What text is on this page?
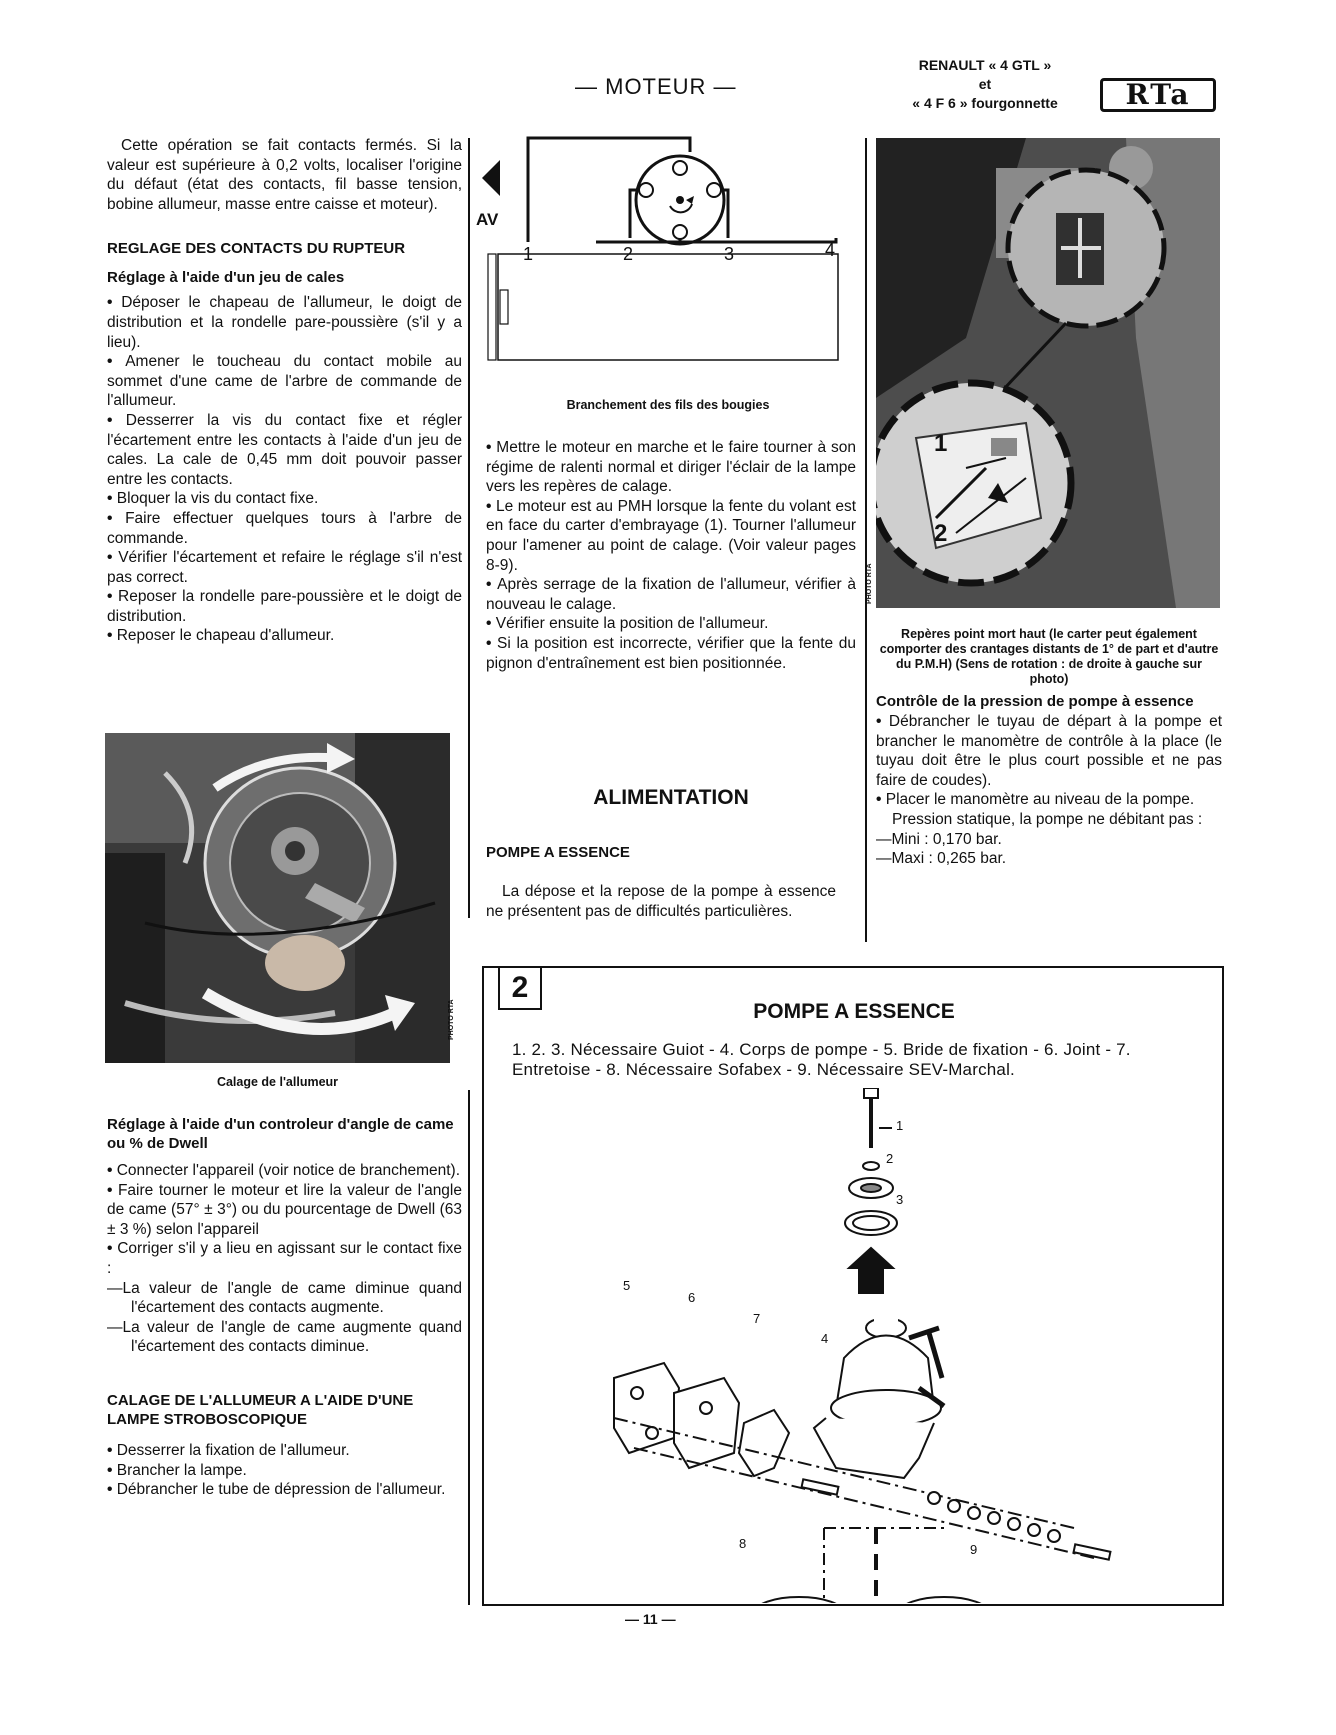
— MOTEUR —
RENAULT « 4 GTL »
et
« 4 F 6 » fourgonnette	RTa

Cette opération se fait contacts fermés. Si la valeur est supérieure à 0,2 volts, localiser l'origine du défaut (état des contacts, fil basse tension, bobine allumeur, masse entre caisse et moteur).

REGLAGE DES CONTACTS DU RUPTEUR

Réglage à l'aide d'un jeu de cales

• Déposer le chapeau de l'allumeur, le doigt de distribution et la rondelle pare-poussière (s'il y a lieu).

• Amener le toucheau du contact mobile au sommet d'une came de l'arbre de commande de l'allumeur.

• Desserrer la vis du contact fixe et régler l'écartement entre les contacts à l'aide d'un jeu de cales. La cale de 0,45 mm doit pouvoir passer entre les contacts.

• Bloquer la vis du contact fixe.

• Faire effectuer quelques tours à l'arbre de commande.

• Vérifier l'écartement et refaire le réglage s'il n'est pas correct.

• Reposer la rondelle pare-poussière et le doigt de distribution.

• Reposer le chapeau d'allumeur.

PHOTO RTA
Calage de l'allumeur

Réglage à l'aide d'un controleur d'angle de came ou % de Dwell

• Connecter l'appareil (voir notice de branchement).

• Faire tourner le moteur et lire la valeur de l'angle de came (57° ± 3°) ou du pourcentage de Dwell (63 ± 3 %) selon l'appareil

• Corriger s'il y a lieu en agissant sur le contact fixe :

— La valeur de l'angle de came diminue quand l'écartement des contacts augmente.

— La valeur de l'angle de came augmente quand l'écartement des contacts diminue.

CALAGE DE L'ALLUMEUR A L'AIDE D'UNE LAMPE STROBOSCOPIQUE

• Desserrer la fixation de l'allumeur.

• Brancher la lampe.

• Débrancher le tube de dépression de l'allumeur.

AV
1	2	3	4
Branchement des fils des bougies

• Mettre le moteur en marche et le faire tourner à son régime de ralenti normal et diriger l'éclair de la lampe vers les repères de calage.

• Le moteur est au PMH lorsque la fente du volant est en face du carter d'embrayage (1). Tourner l'allumeur pour l'amener au point de calage. (Voir valeur pages 8-9).

• Après serrage de la fixation de l'allumeur, vérifier à nouveau le calage.

• Vérifier ensuite la position de l'allumeur.

• Si la position est incorrecte, vérifier que la fente du pignon d'entraînement est bien positionnée.

ALIMENTATION
POMPE A ESSENCE
La dépose et la repose de la pompe à essence ne présentent pas de difficultés particulières.
1
2
PHOTO RTA
Repères point mort haut (le carter peut également comporter des crantages distants de 1° de part et d'autre du P.M.H) (Sens de rotation : de droite à gauche sur photo)

Contrôle de la pression de pompe à essence

• Débrancher le tuyau de départ à la pompe et brancher le manomètre de contrôle à la place (le tuyau doit être le plus court possible et ne pas faire de coudes).

• Placer le manomètre au niveau de la pompe.

Pression statique, la pompe ne débitant pas :

— Mini : 0,170 bar.

— Maxi : 0,265 bar.

2
POMPE A ESSENCE
1. 2. 3. Nécessaire Guiot - 4. Corps de pompe - 5. Bride de fixation - 6. Joint - 7. Entretoise - 8. Nécessaire Sofabex - 9. Nécessaire SEV-Marchal.
1
2
3
4
5
6
7
8	9
— 11 —
